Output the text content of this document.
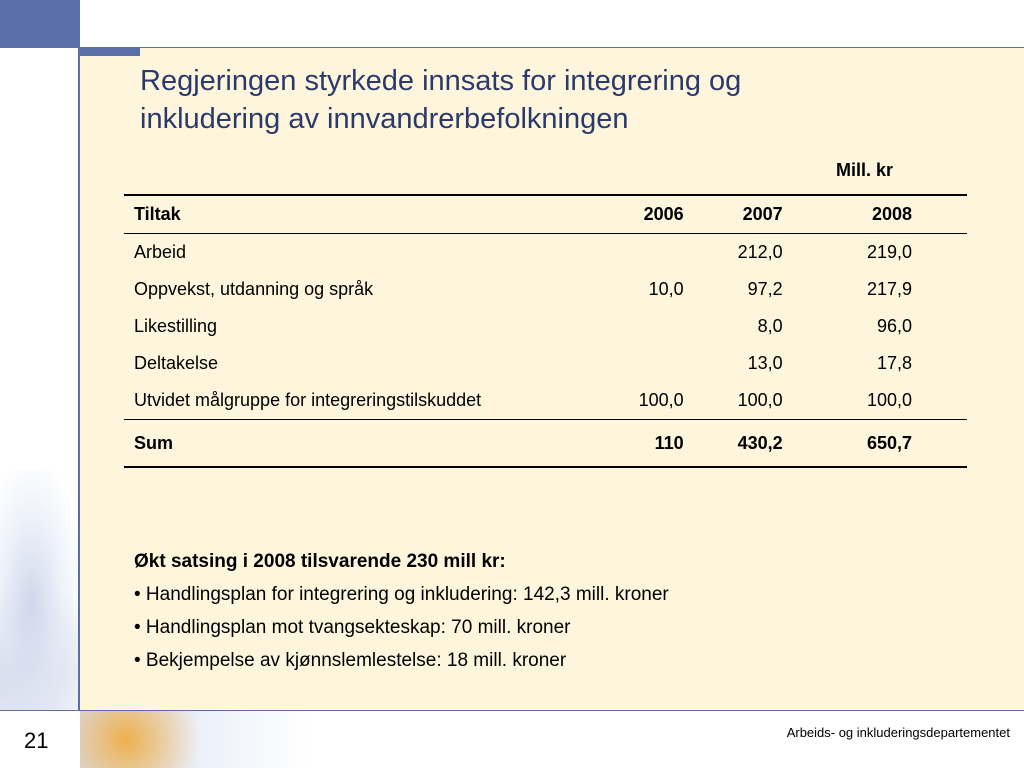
Regjeringen styrkede innsats for integrering og
inkludering av innvandrerbefolkningen
Mill. kr
Tiltak	2006	2007	2008	
Arbeid		212,0	219,0	
Oppvekst, utdanning og språk	10,0	97,2	217,9	
Likestilling		8,0	96,0	
Deltakelse		13,0	17,8	
Utvidet målgruppe for integreringstilskuddet	100,0	100,0	100,0	
Sum	110	430,2	650,7	
Økt satsing i 2008 tilsvarende 230 mill kr:
• Handlingsplan for integrering og inkludering: 142,3 mill. kroner
• Handlingsplan mot tvangsekteskap: 70 mill. kroner
• Bekjempelse av kjønnslemlestelse: 18 mill. kroner
21	Arbeids- og inkluderingsdepartementet
